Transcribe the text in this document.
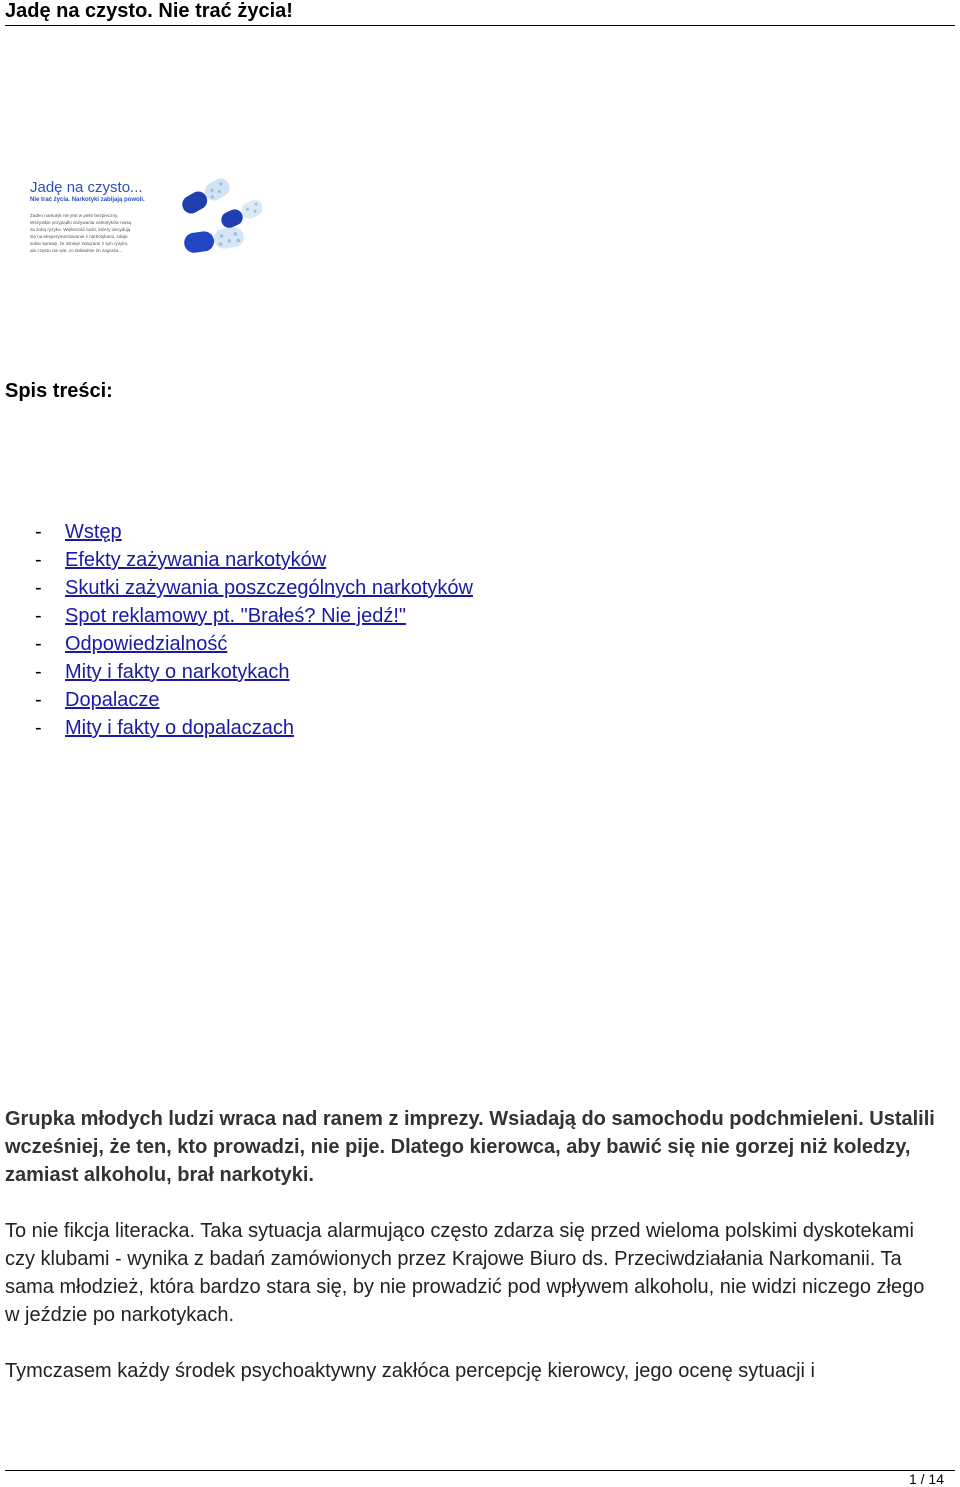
Jadę na czysto. Nie trać życia!
Jadę na czysto...
Nie trać życia. Narkotyki zabijają powoli.
Żaden narkotyk nie jest w pełni bezpieczny.
Wszystkie przypadki zażywania narkotyków niosą
za sobą ryzyko. Większość ludzi, którzy decydują
się na eksperymentowanie z narkotykami, zdaje
sobie sprawę, że istnieje związane z tym ryzyko,
ale często nie wie, co dokładnie im zagraża...
Spis treści:
- Wstęp
- Efekty zażywania narkotyków
- Skutki zażywania poszczególnych narkotyków
- Spot reklamowy pt. "Brałeś? Nie jedź!"
- Odpowiedzialność
- Mity i fakty o narkotykach
- Dopalacze
- Mity i fakty o dopalaczach

Grupka młodych ludzi wraca nad ranem z imprezy. Wsiadają do samochodu podchmieleni. Ustalili wcześniej, że ten, kto prowadzi, nie pije. Dlatego kierowca, aby bawić się nie gorzej niż koledzy, zamiast alkoholu, brał narkotyki.

To nie fikcja literacka. Taka sytuacja alarmująco często zdarza się przed wieloma polskimi dyskotekami czy klubami - wynika z badań zamówionych przez Krajowe Biuro ds. Przeciwdziałania Narkomanii. Ta sama młodzież, która bardzo stara się, by nie prowadzić pod wpływem alkoholu, nie widzi niczego złego w jeździe po narkotykach.

Tymczasem każdy środek psychoaktywny zakłóca percepcję kierowcy, jego ocenę sytuacji i

1 / 14
